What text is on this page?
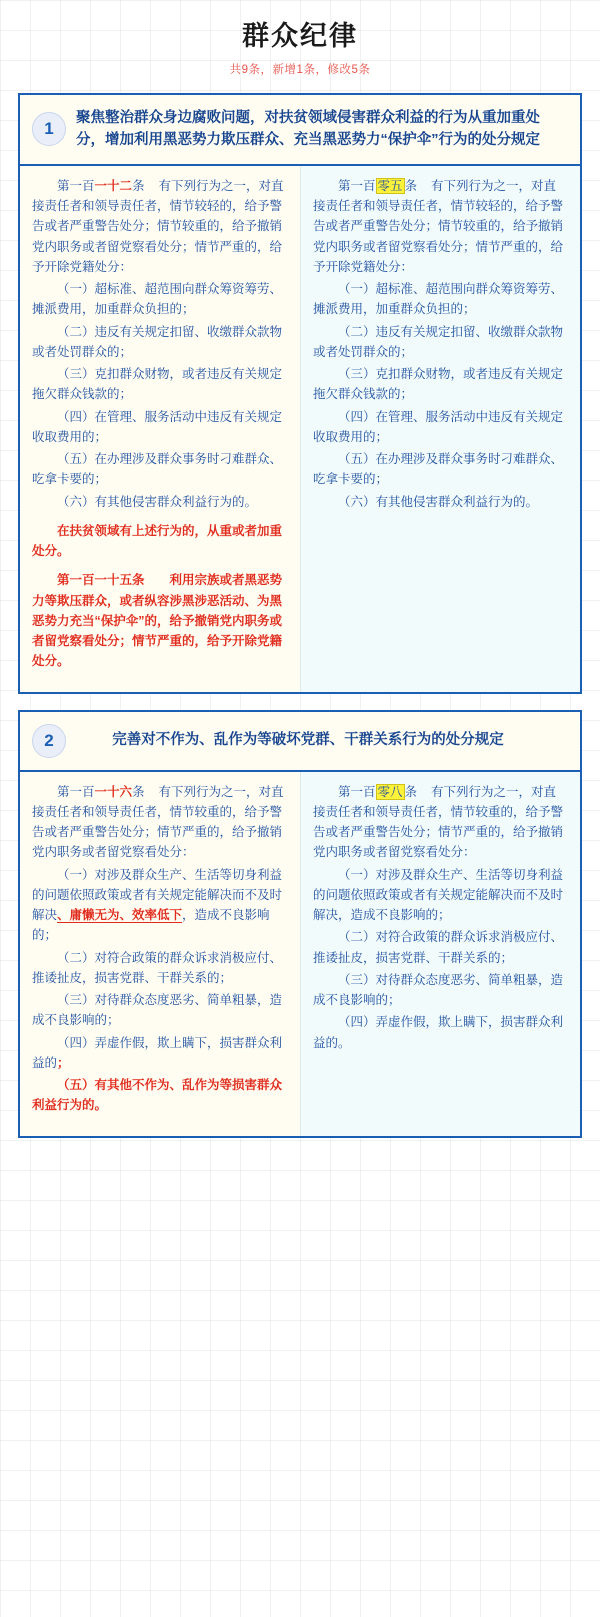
群众纪律
共9条，新增1条，修改5条
1
聚焦整治群众身边腐败问题，对扶贫领域侵害群众利益的行为从重加重处分，增加利用黑恶势力欺压群众、充当黑恶势力“保护伞”行为的处分规定

第一百一十二条 有下列行为之一，对直接责任者和领导责任者，情节较轻的，给予警告或者严重警告处分；情节较重的，给予撤销党内职务或者留党察看处分；情节严重的，给予开除党籍处分：

（一）超标准、超范围向群众筹资筹劳、摊派费用，加重群众负担的；

（二）违反有关规定扣留、收缴群众款物或者处罚群众的；

（三）克扣群众财物，或者违反有关规定拖欠群众钱款的；

（四）在管理、服务活动中违反有关规定收取费用的；

（五）在办理涉及群众事务时刁难群众、吃拿卡要的；

（六）有其他侵害群众利益行为的。

在扶贫领域有上述行为的，从重或者加重处分。

第一百一十五条　　利用宗族或者黑恶势力等欺压群众，或者纵容涉黑涉恶活动、为黑恶势力充当“保护伞”的，给予撤销党内职务或者留党察看处分；情节严重的，给予开除党籍处分。

第一百 零五 条 有下列行为之一，对直接责任者和领导责任者，情节较轻的，给予警告或者严重警告处分；情节较重的，给予撤销党内职务或者留党察看处分；情节严重的，给予开除党籍处分：

（一）超标准、超范围向群众筹资筹劳、摊派费用，加重群众负担的；

（二）违反有关规定扣留、收缴群众款物或者处罚群众的；

（三）克扣群众财物，或者违反有关规定拖欠群众钱款的；

（四）在管理、服务活动中违反有关规定收取费用的；

（五）在办理涉及群众事务时刁难群众、吃拿卡要的；

（六）有其他侵害群众利益行为的。

2	完善对不作为、乱作为等破坏党群、干群关系行为的处分规定

第一百一十六条 有下列行为之一，对直接责任者和领导责任者，情节较重的，给予警告或者严重警告处分；情节严重的，给予撤销党内职务或者留党察看处分：

（一）对涉及群众生产、生活等切身利益的问题依照政策或者有关规定能解决而不及时解决、庸懒无为、效率低下，造成不良影响的；

（二）对符合政策的群众诉求消极应付、推诿扯皮，损害党群、干群关系的；

（三）对待群众态度恶劣、简单粗暴，造成不良影响的；

（四）弄虚作假，欺上瞒下，损害群众利益的；

（五）有其他不作为、乱作为等损害群众利益行为的。

第一百 零八 条 有下列行为之一，对直接责任者和领导责任者，情节较重的，给予警告或者严重警告处分；情节严重的，给予撤销党内职务或者留党察看处分：

（一）对涉及群众生产、生活等切身利益的问题依照政策或者有关规定能解决而不及时解决，造成不良影响的；

（二）对符合政策的群众诉求消极应付、推诿扯皮，损害党群、干群关系的；

（三）对待群众态度恶劣、简单粗暴，造成不良影响的；

（四）弄虚作假，欺上瞒下，损害群众利益的。
